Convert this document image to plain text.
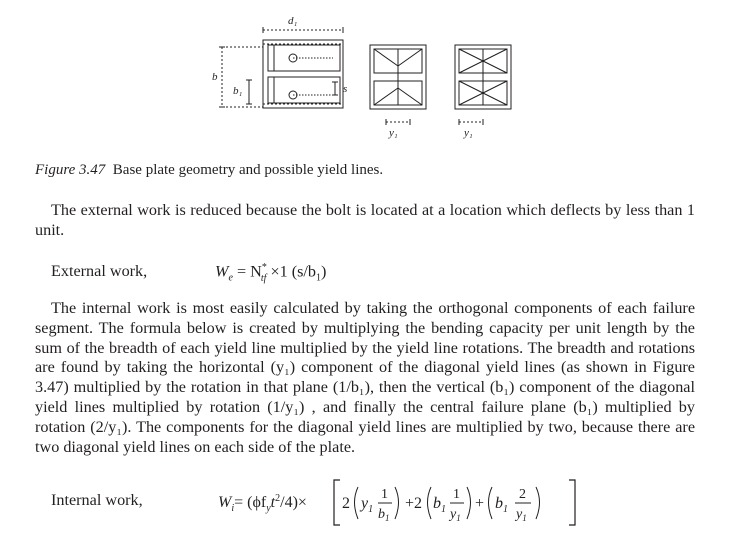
d₁
b
b₁	s
y₁	y₁
Figure 3.47 Base plate geometry and possible yield lines.
The external work is reduced because the bolt is located at a location which deflects by less than 1 unit.
External work,	$W_e = N^*_{tf} \times 1$ $(s/b_1)$
The internal work is most easily calculated by taking the orthogonal components of each failure segment. The formula below is created by multiplying the bending capacity per unit length by the sum of the breadth of each yield line multiplied by the yield line rotations. The breadth and rotations are found by taking the horizontal (y₁) component of the diagonal yield lines (as shown in Figure 3.47) multiplied by the rotation in that plane (1/b₁), then the vertical (b₁) component of the diagonal yield lines multiplied by rotation (1/y₁) , and finally the central failure plane (b₁) multiplied by rotation (2/y₁). The components for the diagonal yield lines are multiplied by two, because there are two diagonal yield lines on each side of the plate.
Internal work,	$W_i= (\phi f_yt^2/4)\times 2$ $y_1$
1
$b_1$
+2 $b_1$
1
$y_1$
+ $b_1$
2
$y_1$
